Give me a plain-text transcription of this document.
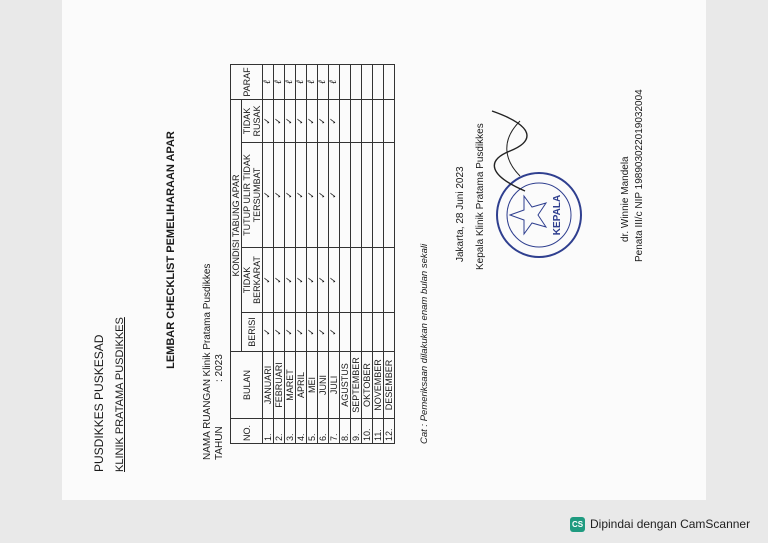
PUSDIKKES PUSKESAD KLINIK PRATAMA PUSDIKKES
LEMBAR CHECKLIST PEMELIHARAAN APAR
NAMA RUANGAN
: Klinik Pratama Pusdikkes
TAHUN
: 2023
NO.	BULAN	KONDISI TABUNG APAR				PARAF
		BERISI	TIDAK BERKARAT	TUTUP ULIR TIDAK TERSUMBAT	TIDAK RUSAK	
1.	JANUARI	✓	✓	✓	✓	ℓ
2.	FEBRUARI	✓	✓	✓	✓	ℓ
3.	MARET	✓	✓	✓	✓	ℓ
4.	APRIL	✓	✓	✓	✓	ℓ
5.	MEI	✓	✓	✓	✓	ℓ
6.	JUNI	✓	✓	✓	✓	ℓ
7.	JULI	✓	✓	✓	✓	ℓ
8.	AGUSTUS					
9.	SEPTEMBER					
10.	OKTOBER					
11.	NOVEMBER					
12.	DESEMBER						Cat : Pemeriksaan dilakukan enam bulan sekali
Jakarta, 28 Juni 2023 Kepala Klinik Pratama Pusdikkes	KEPALA	dr. Winnie Mandela Penata III/c NIP 198903022019032004
CS Dipindai dengan CamScanner
